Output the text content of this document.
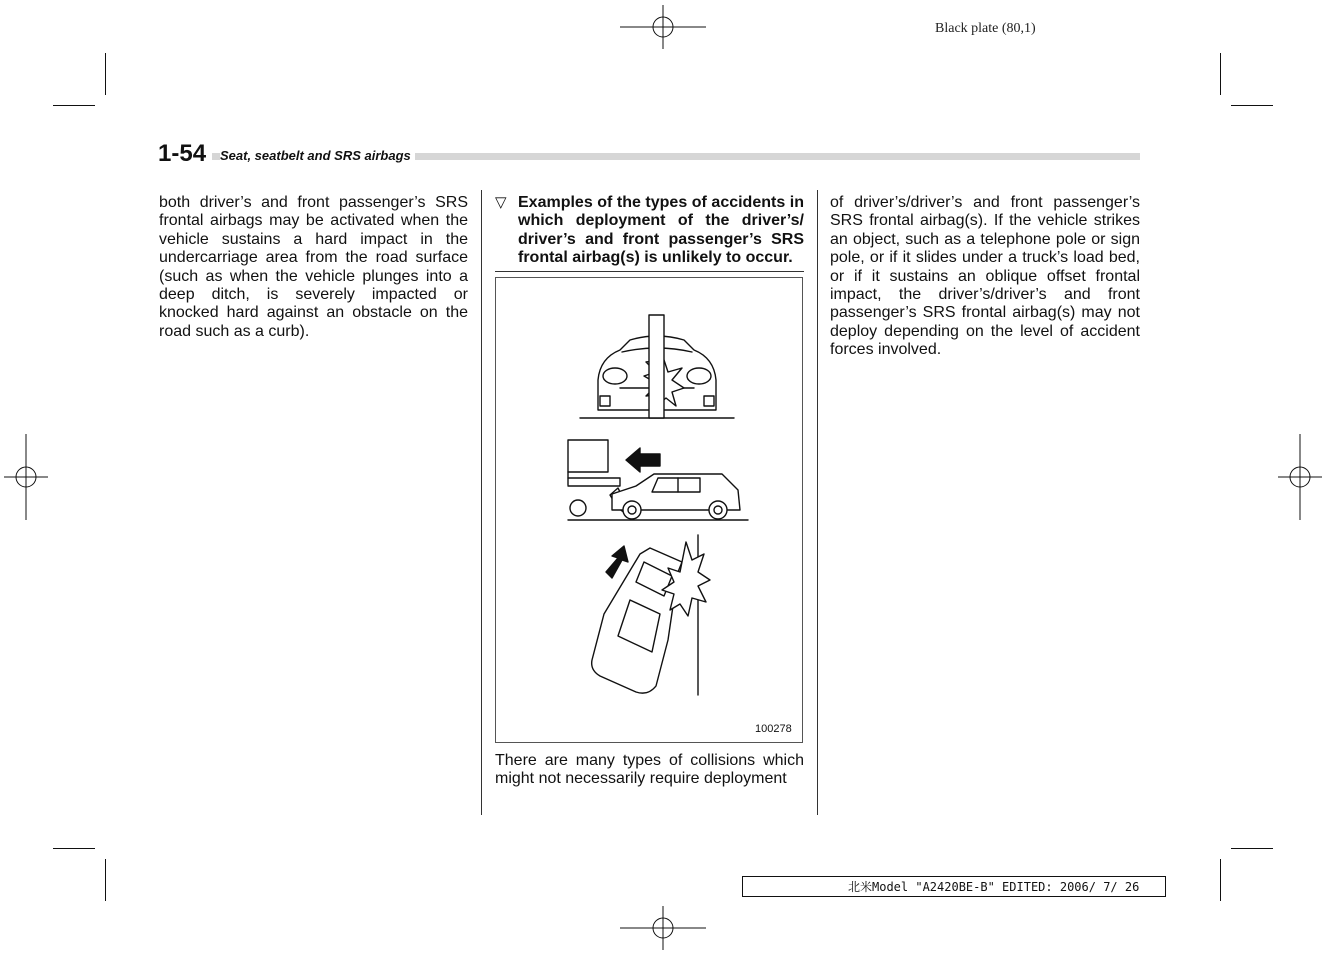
Black plate (80,1)
1-54	Seat, seatbelt and SRS airbags
both driver’s and front passenger’s SRS frontal airbags may be activated when the vehicle sustains a hard impact in the undercarriage area from the road surface (such as when the vehicle plunges into a deep ditch, is severely impacted or knocked hard against an obstacle on the road such as a curb).
▽ Examples of the types of accidents in which deployment of the driver’s/ driver’s and front passenger’s SRS frontal airbag(s) is unlikely to occur.
100278
There are many types of collisions which might not necessarily require deployment
of driver’s/driver’s and front passenger’s SRS frontal airbag(s). If the vehicle strikes an object, such as a telephone pole or sign pole, or if it slides under a truck’s load bed, or if it sustains an oblique offset frontal impact, the driver’s/driver’s and front passenger’s SRS frontal airbag(s) may not deploy depending on the level of accident forces involved.
北米Model "A2420BE-B" EDITED: 2006/ 7/ 26
